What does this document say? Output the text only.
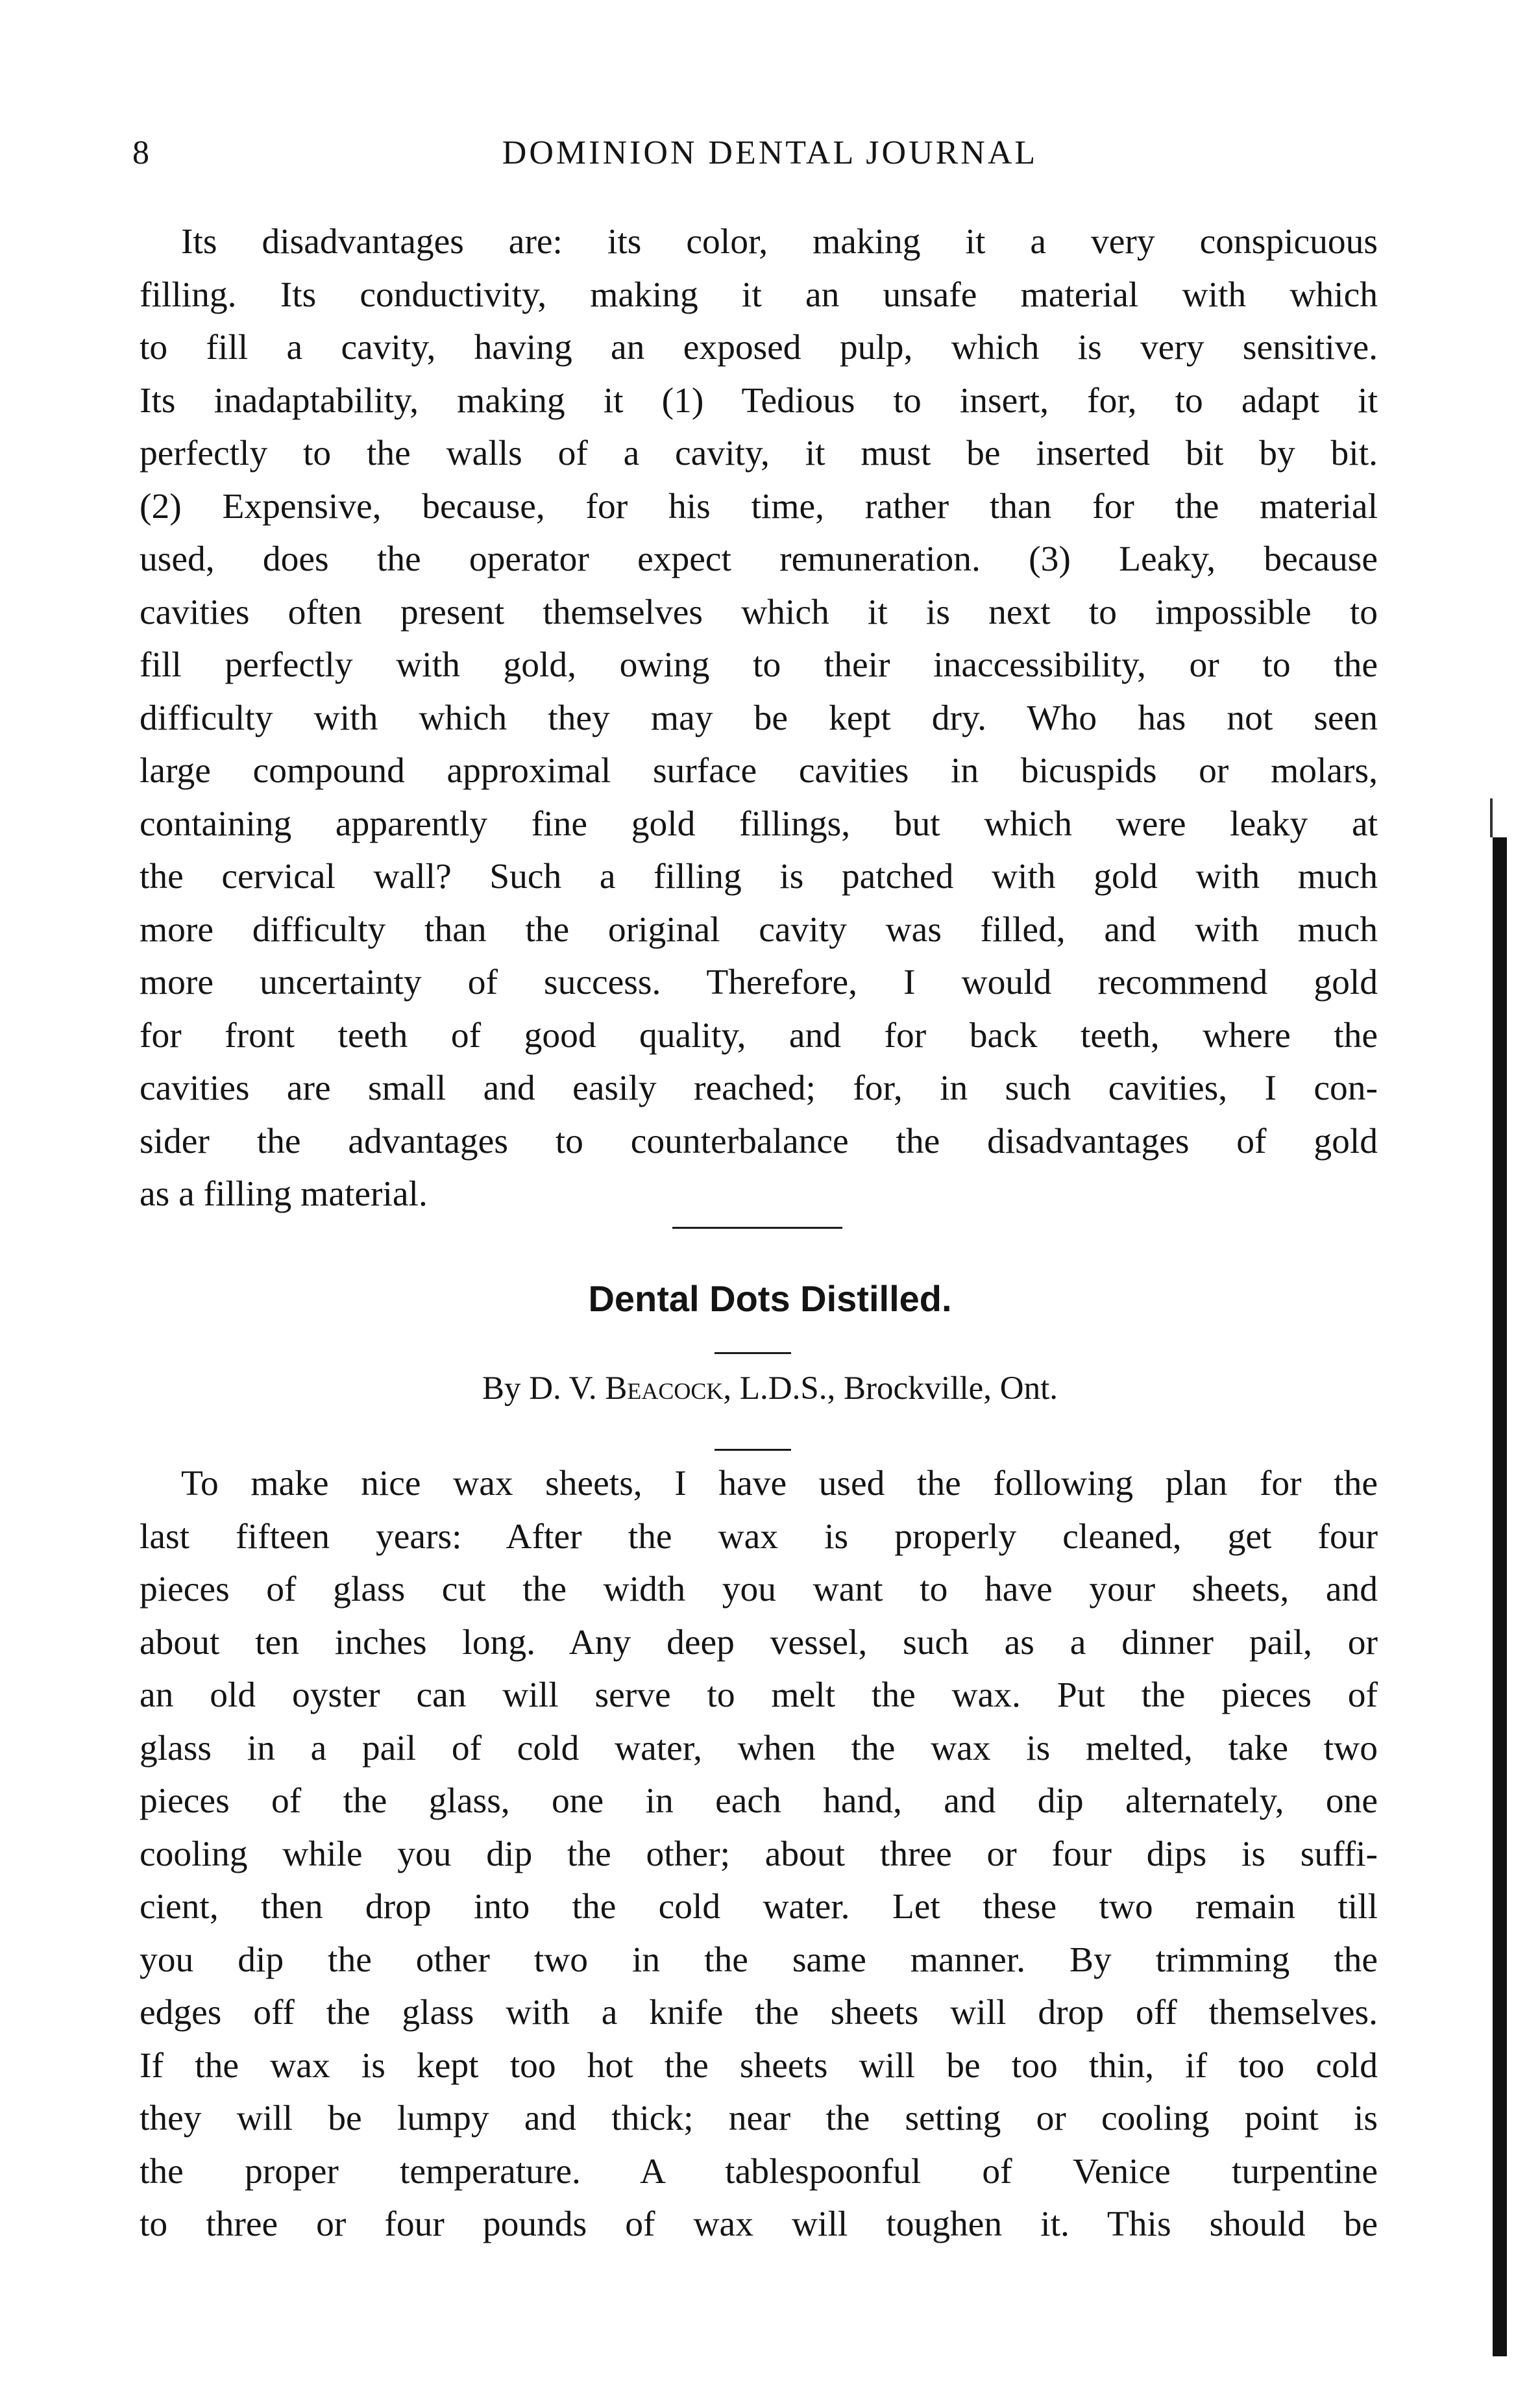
8	DOMINION DENTAL JOURNAL

Its disadvantages are: its color, making it a very conspicuous
filling. Its conductivity, making it an unsafe material with which
to fill a cavity, having an exposed pulp, which is very sensitive.
Its inadaptability, making it (1) Tedious to insert, for, to adapt it
perfectly to the walls of a cavity, it must be inserted bit by bit.
(2) Expensive, because, for his time, rather than for the material
used, does the operator expect remuneration. (3) Leaky, because
cavities often present themselves which it is next to impossible to
fill perfectly with gold, owing to their inaccessibility, or to the
difficulty with which they may be kept dry. Who has not seen
large compound approximal surface cavities in bicuspids or molars,
containing apparently fine gold fillings, but which were leaky at
the cervical wall? Such a filling is patched with gold with much
more difficulty than the original cavity was filled, and with much
more uncertainty of success. Therefore, I would recommend gold
for front teeth of good quality, and for back teeth, where the
cavities are small and easily reached; for, in such cavities, I con-
sider the advantages to counterbalance the disadvantages of gold
as a filling material.

Dental Dots Distilled.
By D. V. Beacock, L.D.S., Brockville, Ont.

To make nice wax sheets, I have used the following plan for the
last fifteen years: After the wax is properly cleaned, get four
pieces of glass cut the width you want to have your sheets, and
about ten inches long. Any deep vessel, such as a dinner pail, or
an old oyster can will serve to melt the wax. Put the pieces of
glass in a pail of cold water, when the wax is melted, take two
pieces of the glass, one in each hand, and dip alternately, one
cooling while you dip the other; about three or four dips is suffi-
cient, then drop into the cold water. Let these two remain till
you dip the other two in the same manner. By trimming the
edges off the glass with a knife the sheets will drop off themselves.
If the wax is kept too hot the sheets will be too thin, if too cold
they will be lumpy and thick; near the setting or cooling point is
the proper temperature. A tablespoonful of Venice turpentine
to three or four pounds of wax will toughen it. This should be
